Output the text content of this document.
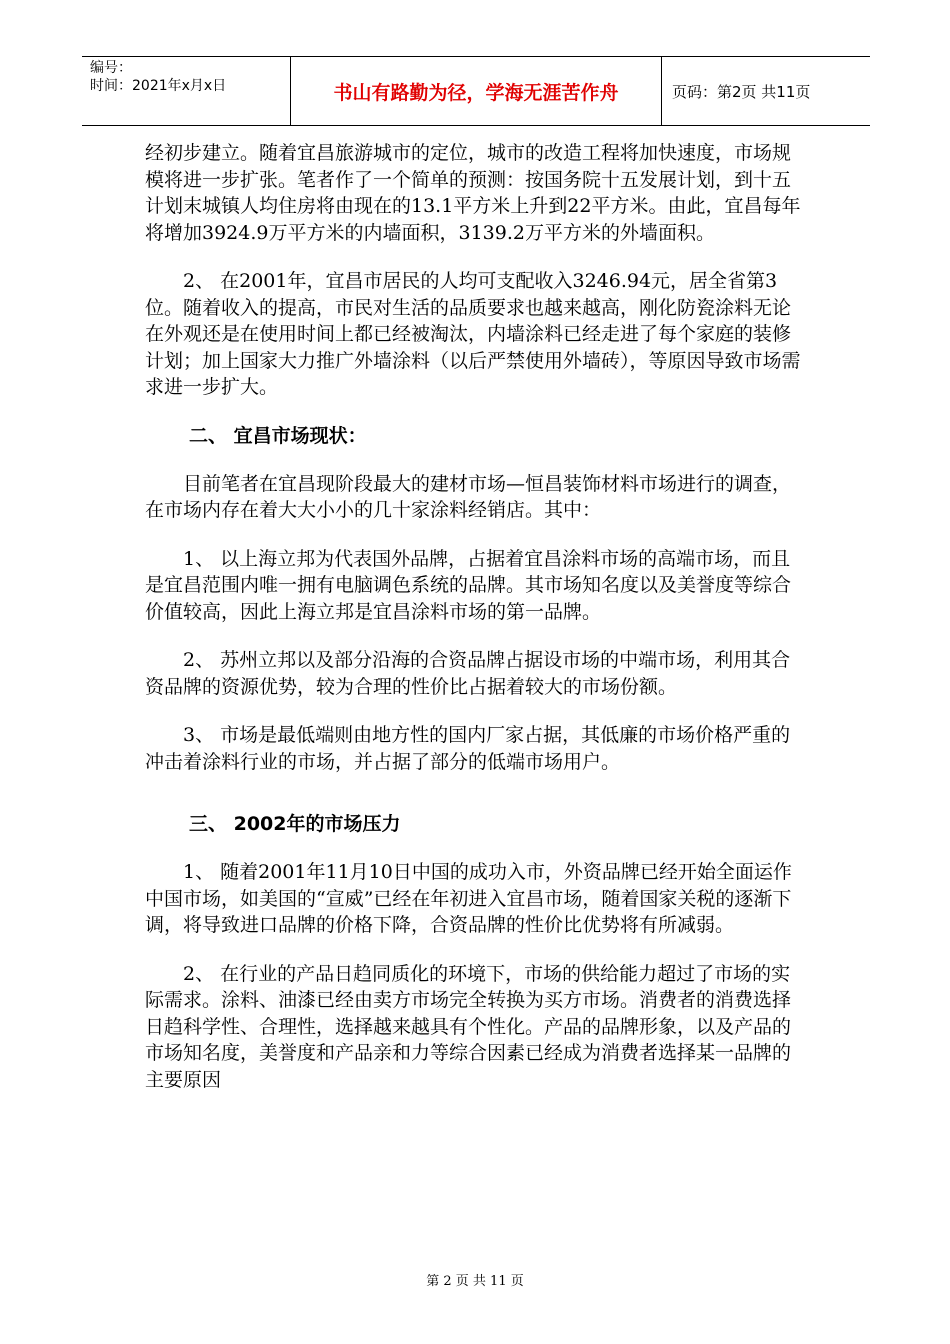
编号：
时间：2021年x月x日	书山有路勤为径，学海无涯苦作舟	页码：第2页 共11页

经初步建立。随着宜昌旅游城市的定位，城市的改造工程将加快速度，市场规模将进一步扩张。笔者作了一个简单的预测：按国务院十五发展计划，到十五计划末城镇人均住房将由现在的13.1平方米上升到22平方米。由此，宜昌每年将增加3924.9万平方米的内墙面积，3139.2万平方米的外墙面积。

2、 在2001年，宜昌市居民的人均可支配收入3246.94元，居全省第3位。随着收入的提高，市民对生活的品质要求也越来越高，刚化防瓷涂料无论在外观还是在使用时间上都已经被淘汰，内墙涂料已经走进了每个家庭的装修计划；加上国家大力推广外墙涂料（以后严禁使用外墙砖），等原因导致市场需求进一步扩大。

二、 宜昌市场现状：

目前笔者在宜昌现阶段最大的建材市场—恒昌装饰材料市场进行的调查，在市场内存在着大大小小的几十家涂料经销店。其中：

1、 以上海立邦为代表国外品牌，占据着宜昌涂料市场的高端市场，而且是宜昌范围内唯一拥有电脑调色系统的品牌。其市场知名度以及美誉度等综合价值较高，因此上海立邦是宜昌涂料市场的第一品牌。

2、 苏州立邦以及部分沿海的合资品牌占据设市场的中端市场，利用其合资品牌的资源优势，较为合理的性价比占据着较大的市场份额。

3、 市场是最低端则由地方性的国内厂家占据，其低廉的市场价格严重的冲击着涂料行业的市场，并占据了部分的低端市场用户。

三、 2002年的市场压力

1、 随着2001年11月10日中国的成功入市，外资品牌已经开始全面运作中国市场，如美国的“宣威”已经在年初进入宜昌市场，随着国家关税的逐渐下调，将导致进口品牌的价格下降，合资品牌的性价比优势将有所减弱。

2、 在行业的产品日趋同质化的环境下，市场的供给能力超过了市场的实际需求。涂料、油漆已经由卖方市场完全转换为买方市场。消费者的消费选择日趋科学性、合理性，选择越来越具有个性化。产品的品牌形象，以及产品的市场知名度，美誉度和产品亲和力等综合因素已经成为消费者选择某一品牌的主要原因

第 2 页 共 11 页
